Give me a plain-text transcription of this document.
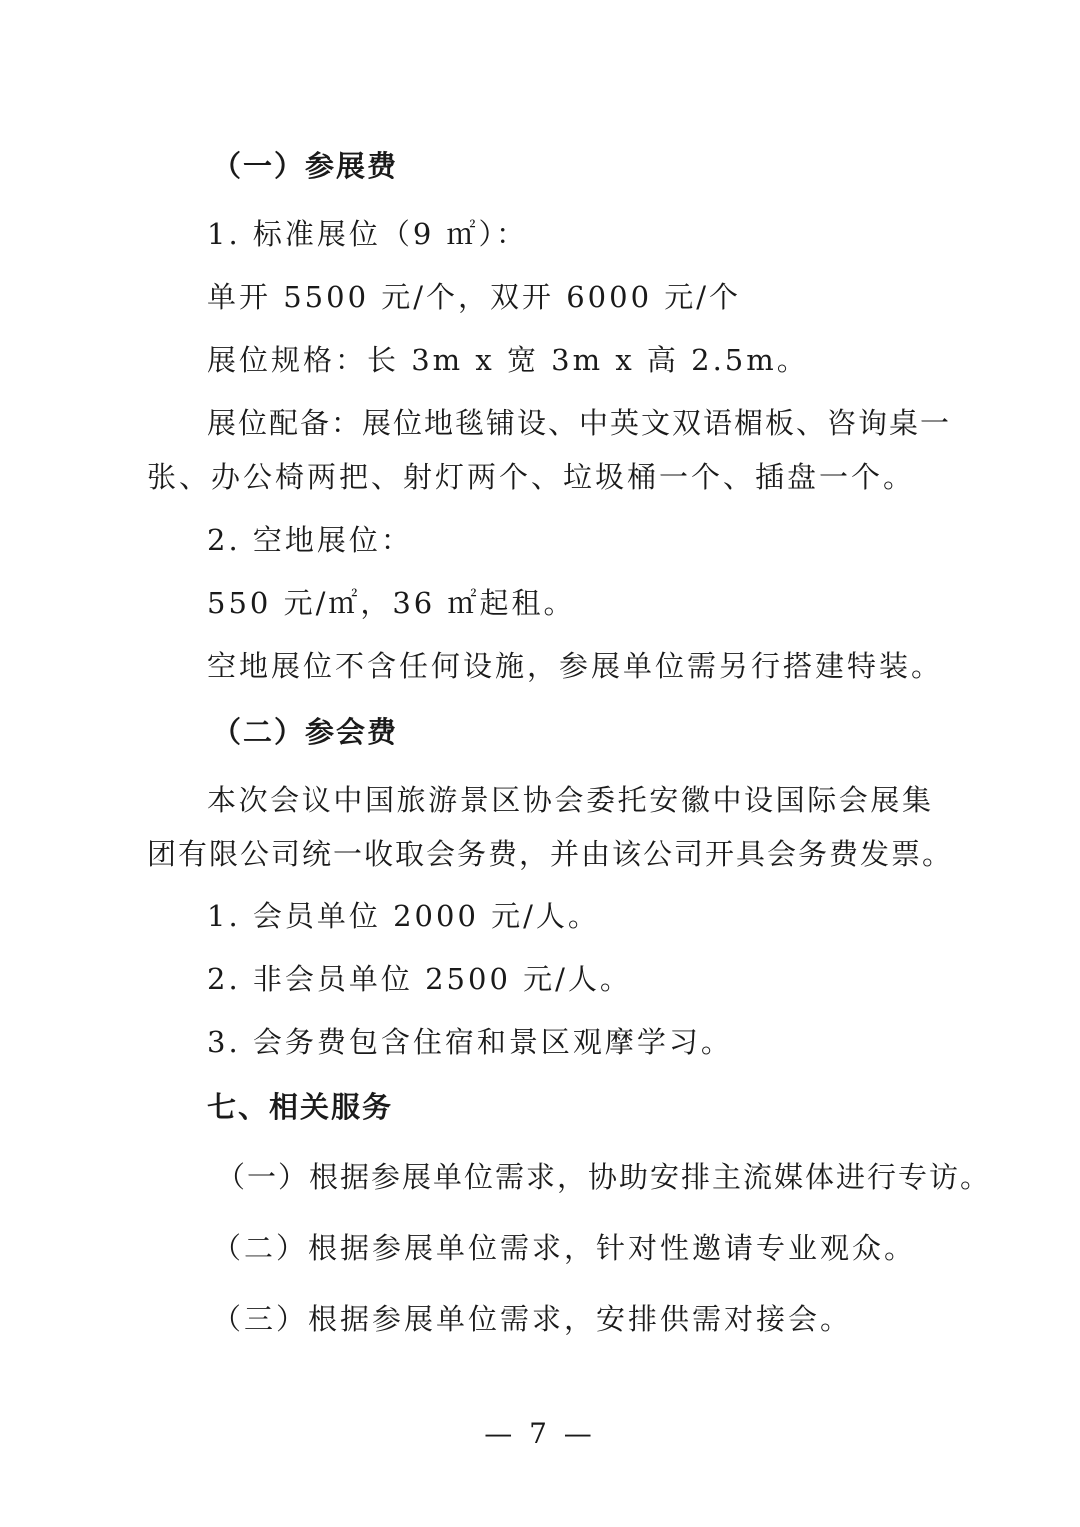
（一）参展费
1. 标准展位（9 ㎡）：
单开 5500 元/个，双开 6000 元/个
展位规格：长 3m x 宽 3m x 高 2.5m。
展位配备：展位地毯铺设、中英文双语楣板、咨询桌一
张、办公椅两把、射灯两个、垃圾桶一个、插盘一个。
2. 空地展位：
550 元/㎡，36 ㎡起租。
空地展位不含任何设施，参展单位需另行搭建特装。
（二）参会费
本次会议中国旅游景区协会委托安徽中设国际会展集
团有限公司统一收取会务费，并由该公司开具会务费发票。
1. 会员单位 2000 元/人。
2. 非会员单位 2500 元/人。
3. 会务费包含住宿和景区观摩学习。
七、相关服务
（一）根据参展单位需求，协助安排主流媒体进行专访。
（二）根据参展单位需求，针对性邀请专业观众。
（三）根据参展单位需求，安排供需对接会。
— 7 —
